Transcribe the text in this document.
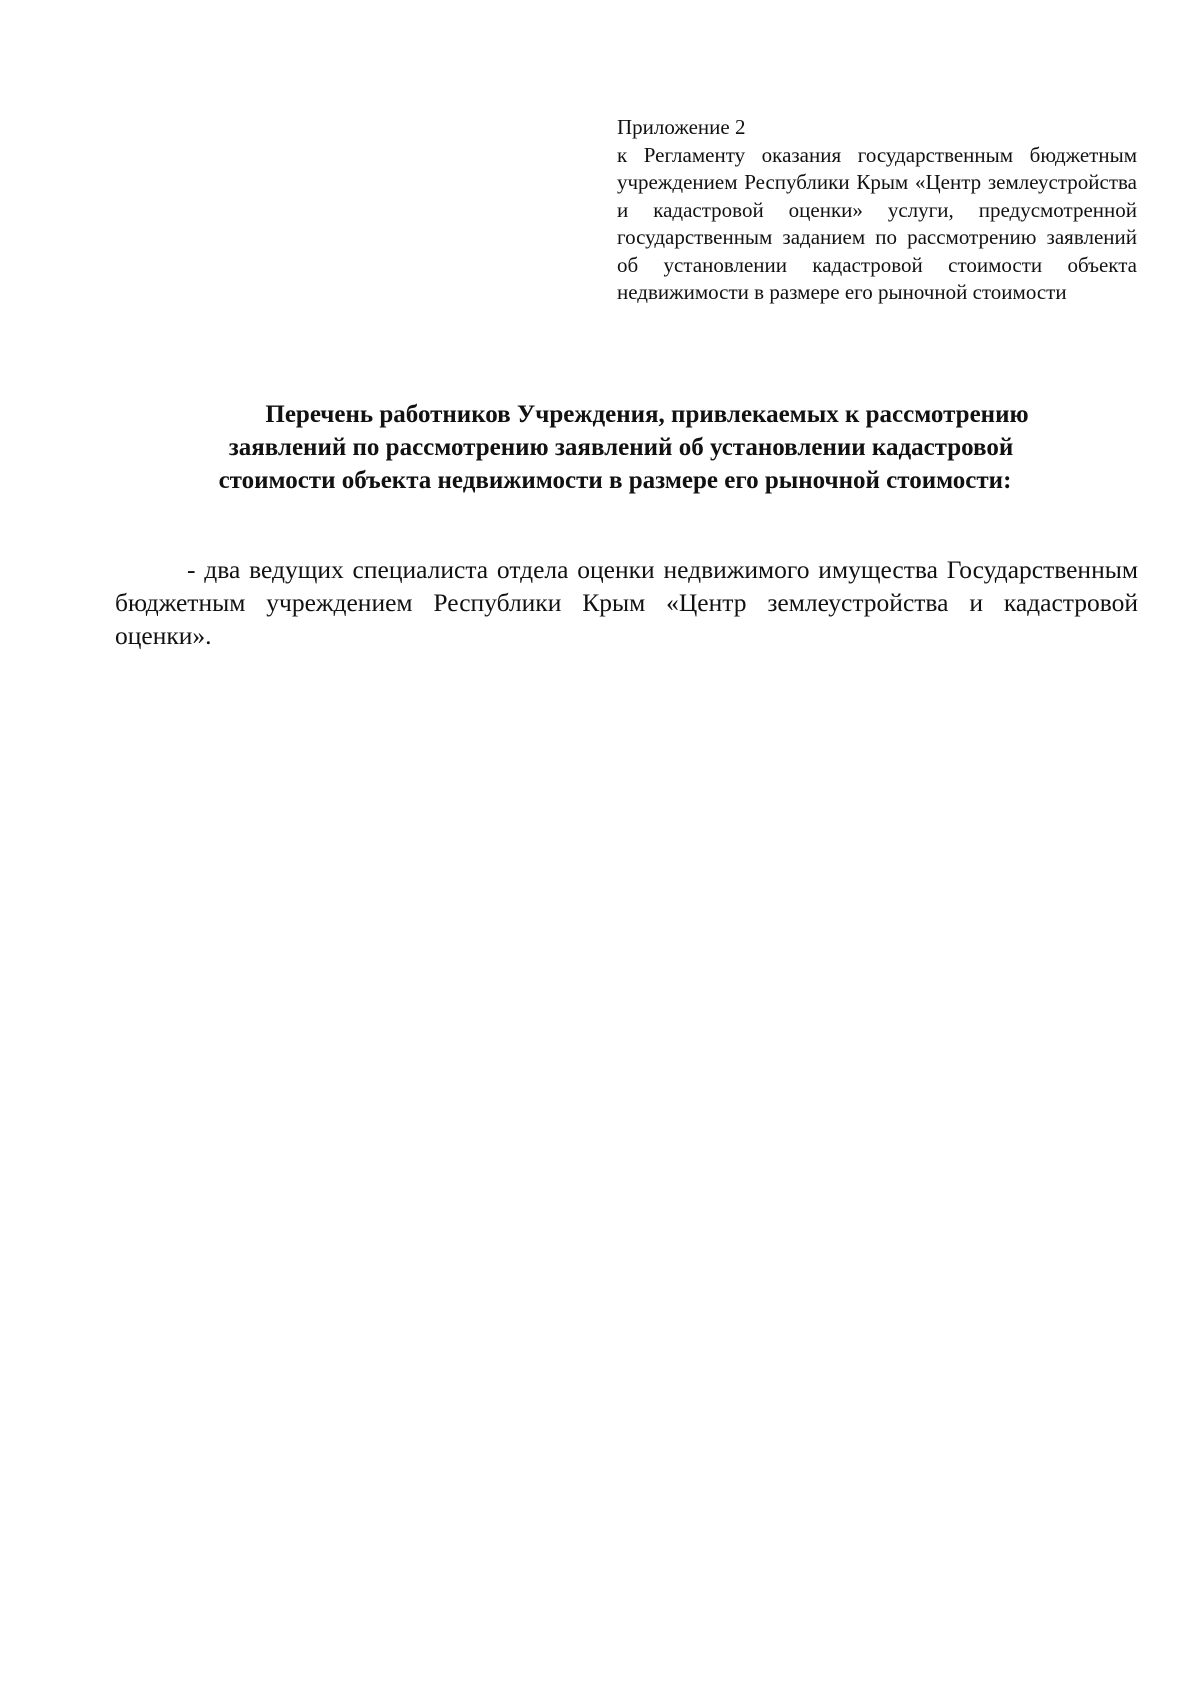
Приложение 2
к Регламенту оказания государственным бюджетным учреждением Республики Крым «Центр землеустройства и кадастровой оценки» услуги, предусмотренной государственным заданием по рассмотрению заявлений об установлении кадастровой стоимости объекта недвижимости в размере его рыночной стоимости
Перечень работников Учреждения, привлекаемых к рассмотрению
заявлений по рассмотрению заявлений об установлении кадастровой
стоимости объекта недвижимости в размере его рыночной стоимости:

- два ведущих специалиста отдела оценки недвижимого имущества Государственным бюджетным учреждением Республики Крым «Центр землеустройства и кадастровой оценки».
